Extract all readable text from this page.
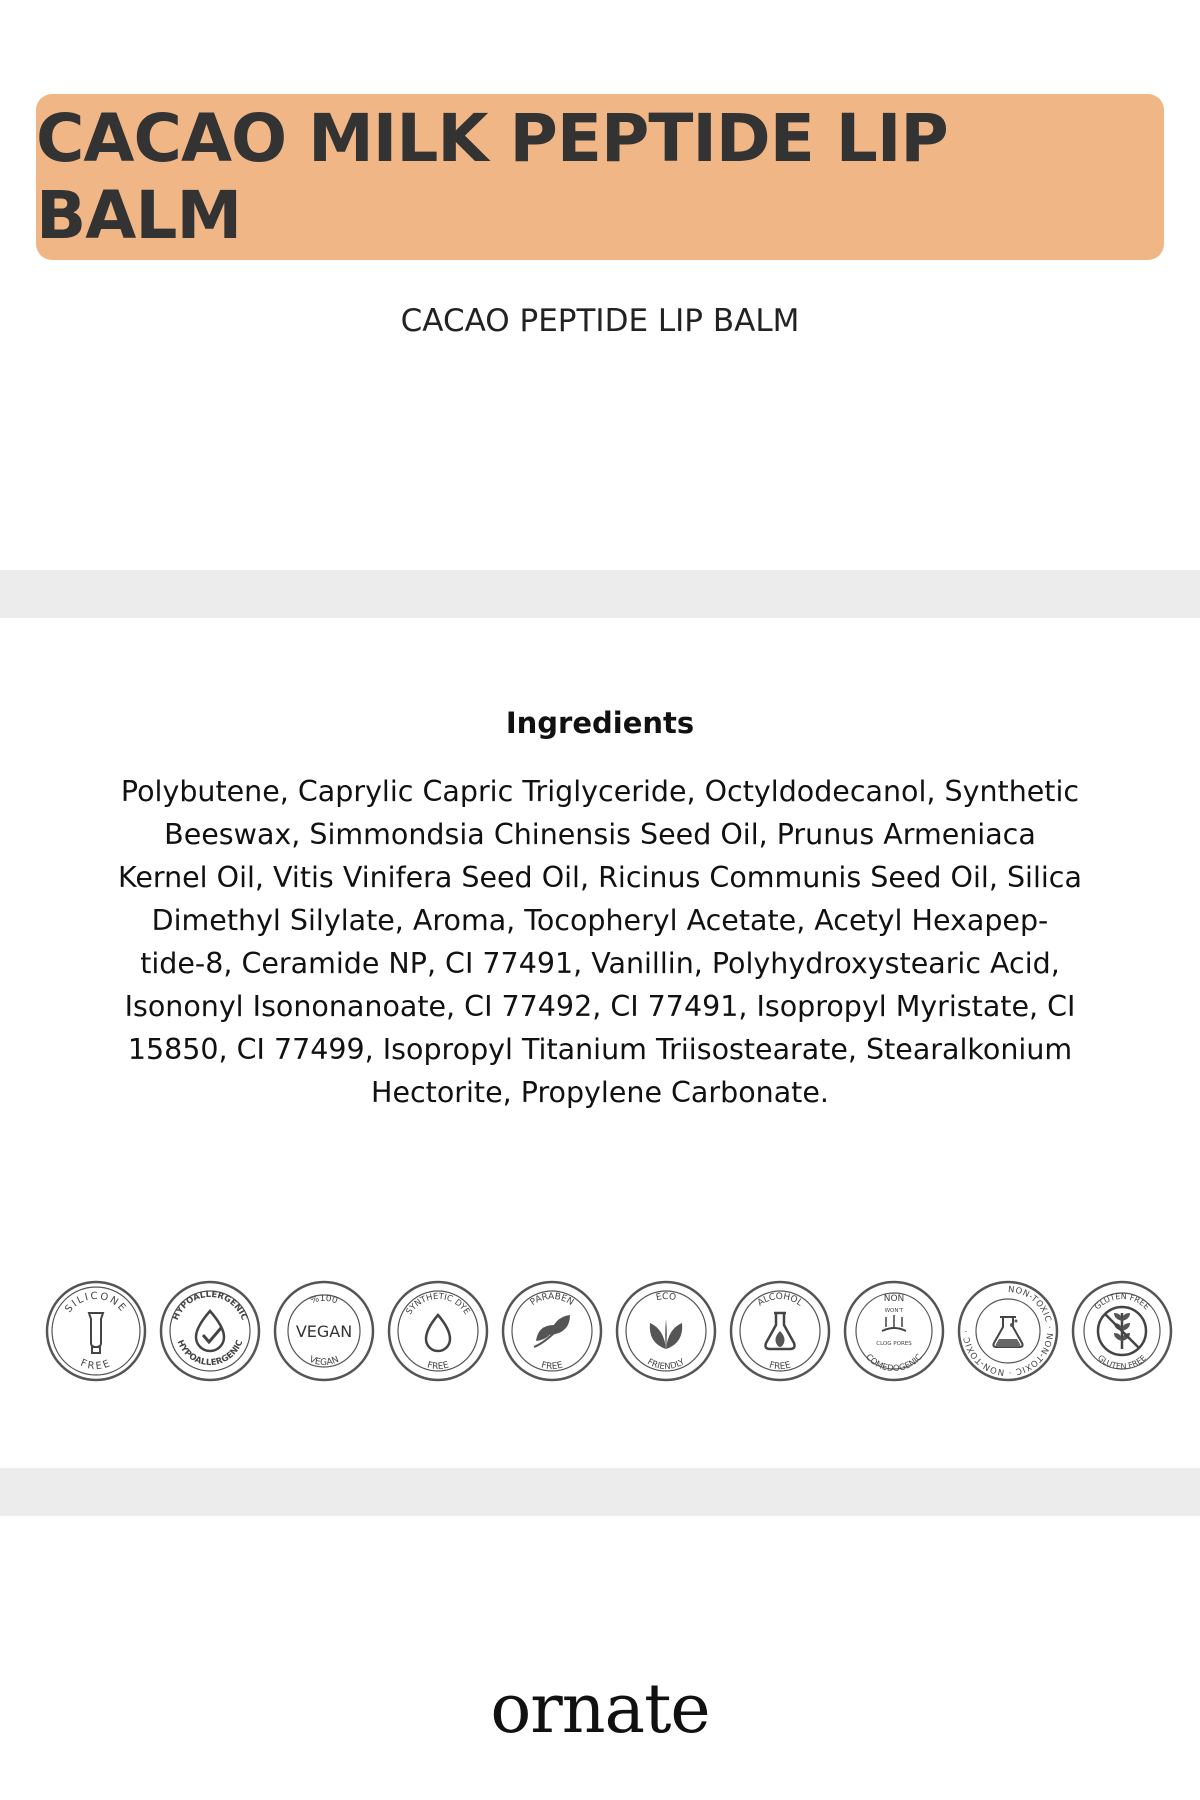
CACAO MILK PEPTIDE LIP BALM
CACAO PEPTIDE LIP BALM
Ingredients
Polybutene, Caprylic Capric Triglyceride, Octyldodecanol, Synthetic
Beeswax, Simmondsia Chinensis Seed Oil, Prunus Armeniaca
Kernel Oil, Vitis Vinifera Seed Oil, Ricinus Communis Seed Oil, Silica
Dimethyl Silylate, Aroma, Tocopheryl Acetate, Acetyl Hexapep-
tide-8, Ceramide NP, CI 77491, Vanillin, Polyhydroxystearic Acid,
Isononyl Isononanoate, CI 77492, CI 77491, Isopropyl Myristate, CI
15850, CI 77499, Isopropyl Titanium Triisostearate, Stearalkonium
Hectorite, Propylene Carbonate.
SILICONE
FREE
HYPOALLERGENIC
HYPOALLERGENIC
%100
VEGAN
VEGAN
SYNTHETIC DYE
FREE
PARABEN
FREE
ECO
FRIENDLY
ALCOHOL
FREE
NON
WON'T
CLOG PORES
COMEDOGENIC
NON-TOXIC · NON-TOXIC · NON-TOXIC ·
GLUTEN FREE
GLUTEN FREE
ornate
